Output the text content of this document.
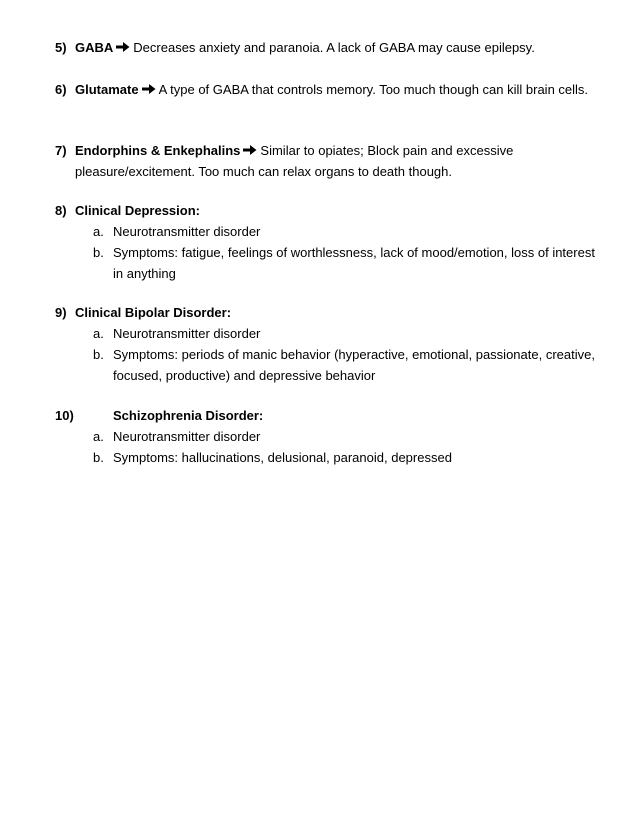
5) GABA Decreases anxiety and paranoia. A lack of GABA may cause epilepsy.
6) Glutamate A type of GABA that controls memory. Too much though can kill brain cells.
7) Endorphins & Enkephalins Similar to opiates; Block pain and excessive pleasure/excitement. Too much can relax organs to death though.
8) Clinical Depression:
a. Neurotransmitter disorder
b. Symptoms: fatigue, feelings of worthlessness, lack of mood/emotion, loss of interest in anything
9) Clinical Bipolar Disorder:
a. Neurotransmitter disorder
b. Symptoms: periods of manic behavior (hyperactive, emotional, passionate, creative, focused, productive) and depressive behavior
10)	Schizophrenia Disorder:
a. Neurotransmitter disorder
b. Symptoms: hallucinations, delusional, paranoid, depressed
